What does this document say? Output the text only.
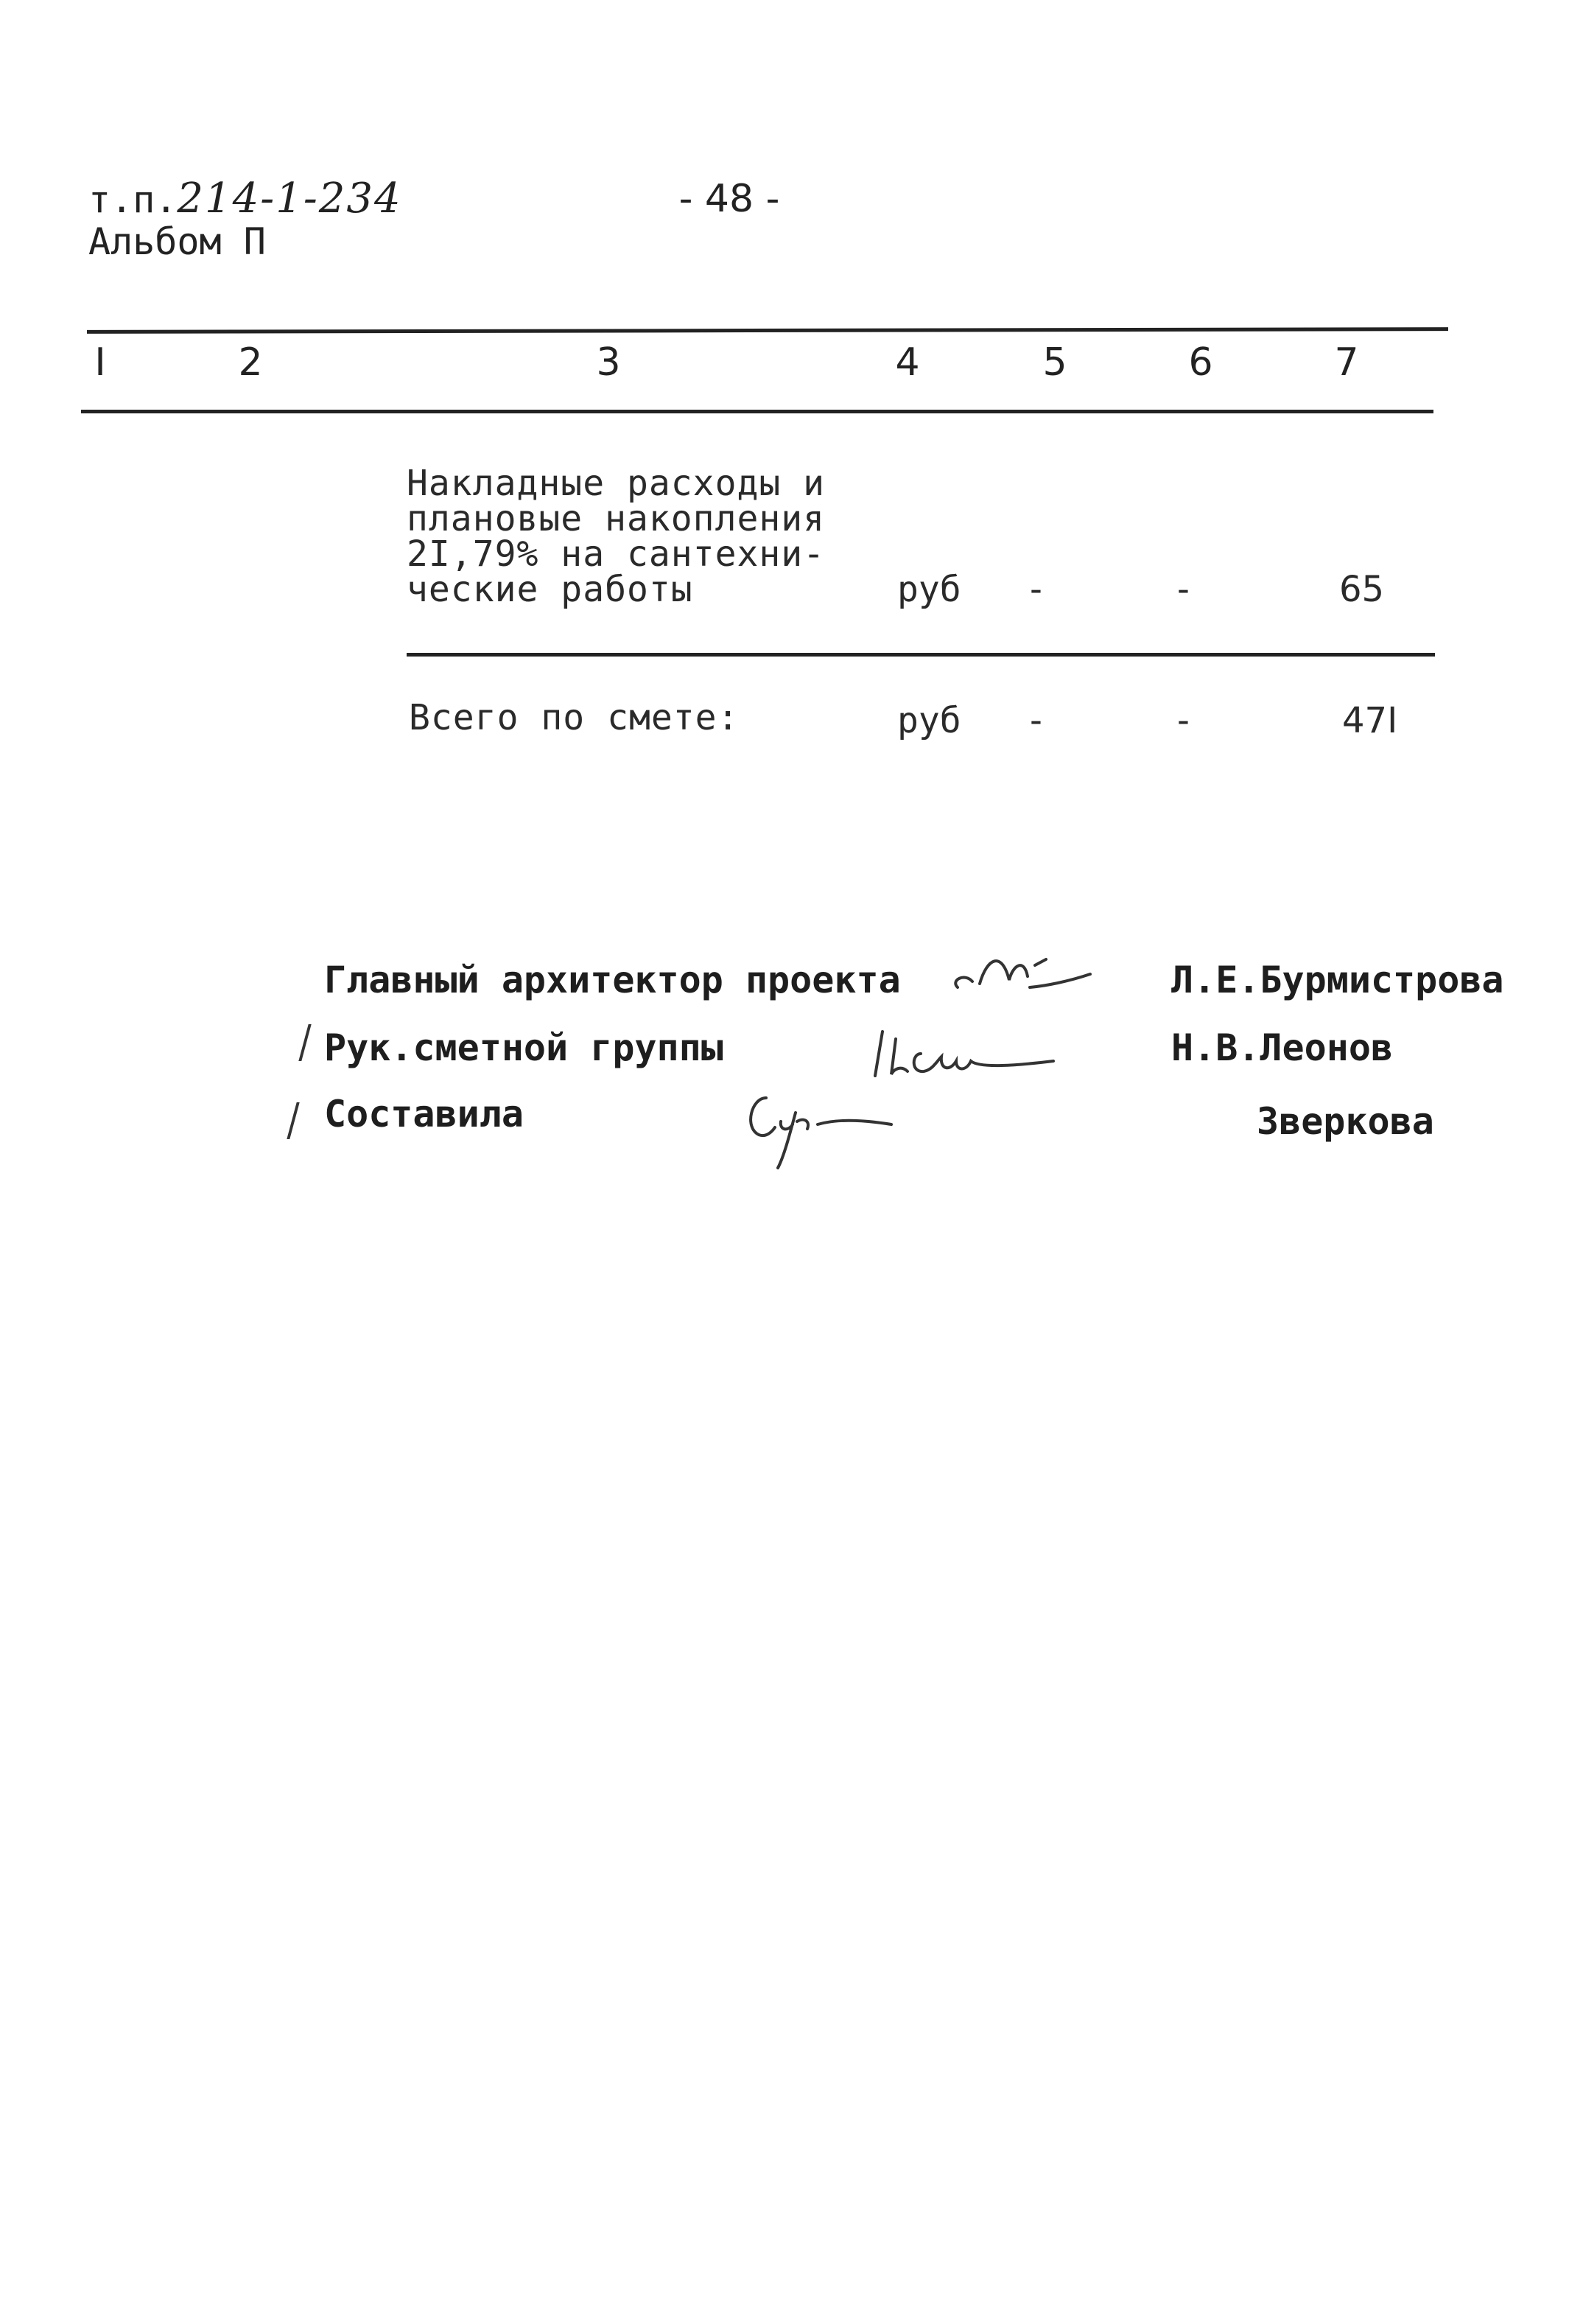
т.п.214-1-234
Альбом П
- 48 -
I	2	3	4	5	6	7
Накладные расходы и
плановые накопления
2I,79% на сантехни-
ческие работы	руб -	-	65
Всего по смете:	руб -	-	47I
Главный архитектор проекта	Л.Е.Бурмистрова
Рук.сметной группы	Н.В.Леонов
Составила	Зверкова
